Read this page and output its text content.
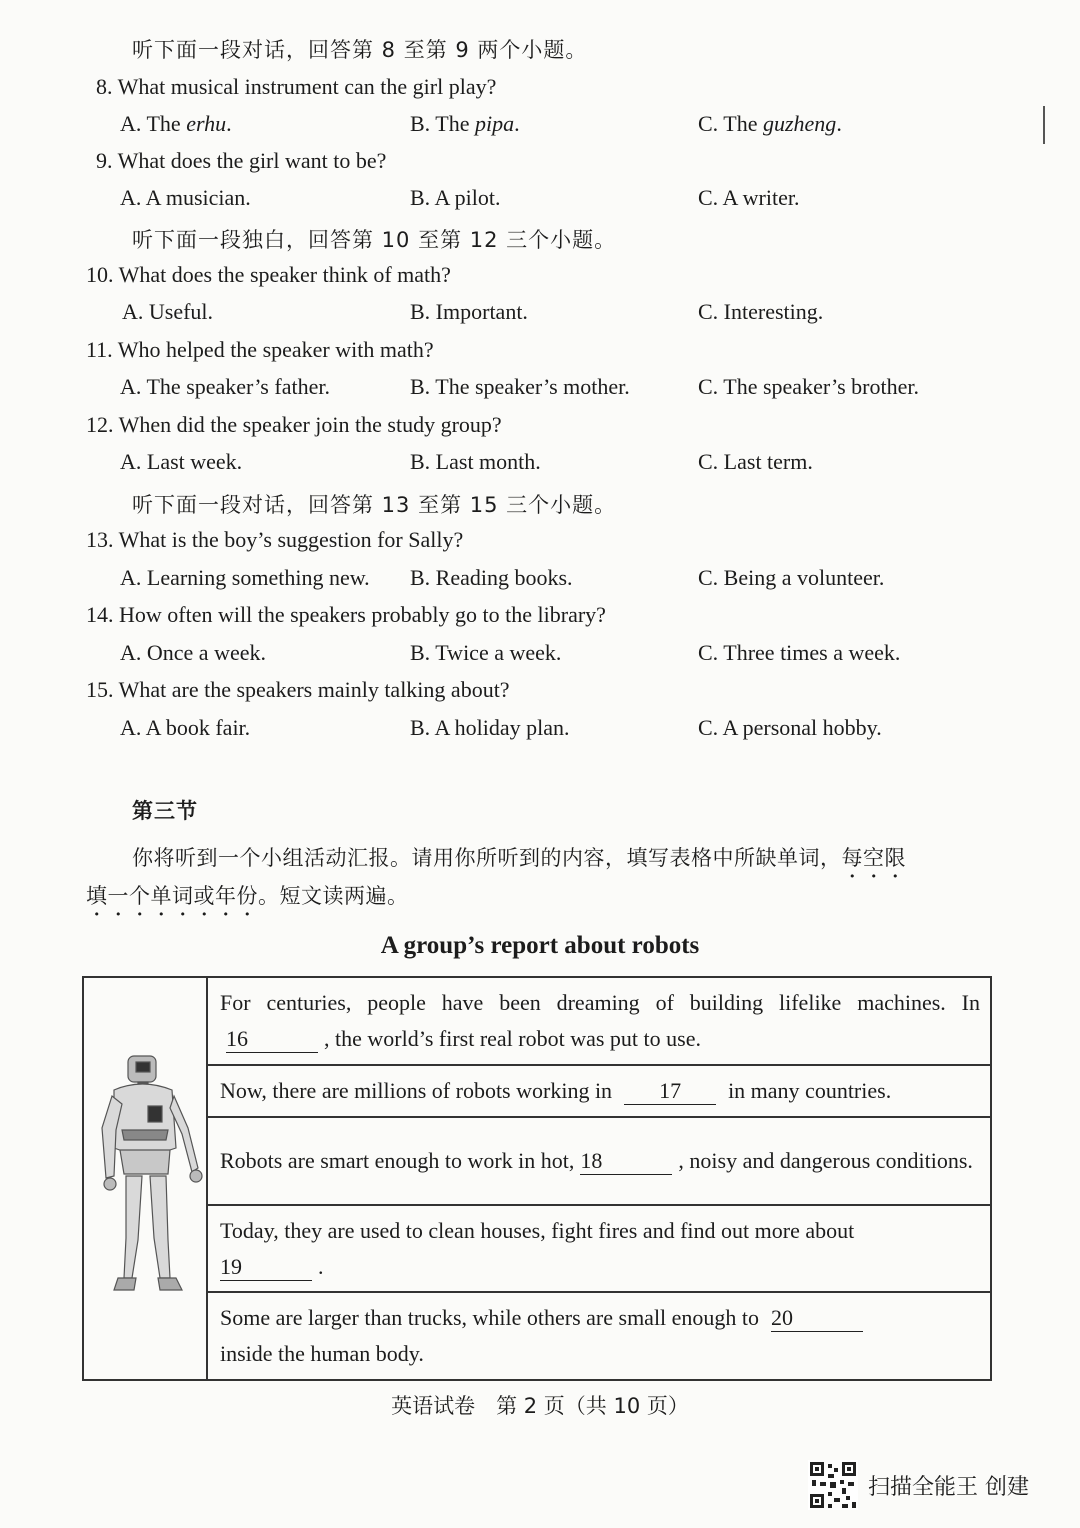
听下面一段对话，回答第 8 至第 9 两个小题。
8. What musical instrument can the girl play?
A. The erhu.	B. The pipa.	C. The guzheng.
9. What does the girl want to be?
A. A musician.	B. A pilot.	C. A writer.
听下面一段独白，回答第 10 至第 12 三个小题。
10. What does the speaker think of math?
A. Useful.	B. Important.	C. Interesting.
11. Who helped the speaker with math?
A. The speaker’s father.	B. The speaker’s mother.	C. The speaker’s brother.
12. When did the speaker join the study group?
A. Last week.	B. Last month.	C. Last term.
听下面一段对话，回答第 13 至第 15 三个小题。
13. What is the boy’s suggestion for Sally?
A. Learning something new. B. Reading books.	C. Being a volunteer.
14. How often will the speakers probably go to the library?
A. Once a week.	B. Twice a week.	C. Three times a week.
15. What are the speakers mainly talking about?
A. A book fair.	B. A holiday plan.	C. A personal hobby.
第三节
你将听到一个小组活动汇报。请用你所听到的内容，填写表格中所缺单词，每空限
填一个单词或年份。短文读两遍。
A group’s report about robots
	For centuries, people have been dreaming of building lifelike machines. In16	, the world’s first real robot was put to use.
Now, there are millions of robots working in 17 in many countries.
Robots are smart enough to work in hot, 18	, noisy and dangerous conditions.
Today, they are used to clean houses, fight fires and find out more about
19	.
Some are larger than trucks, while others are small enough to 20
inside the human body.
英语试卷　第 2 页（共 10 页）
扫描全能王 创建
